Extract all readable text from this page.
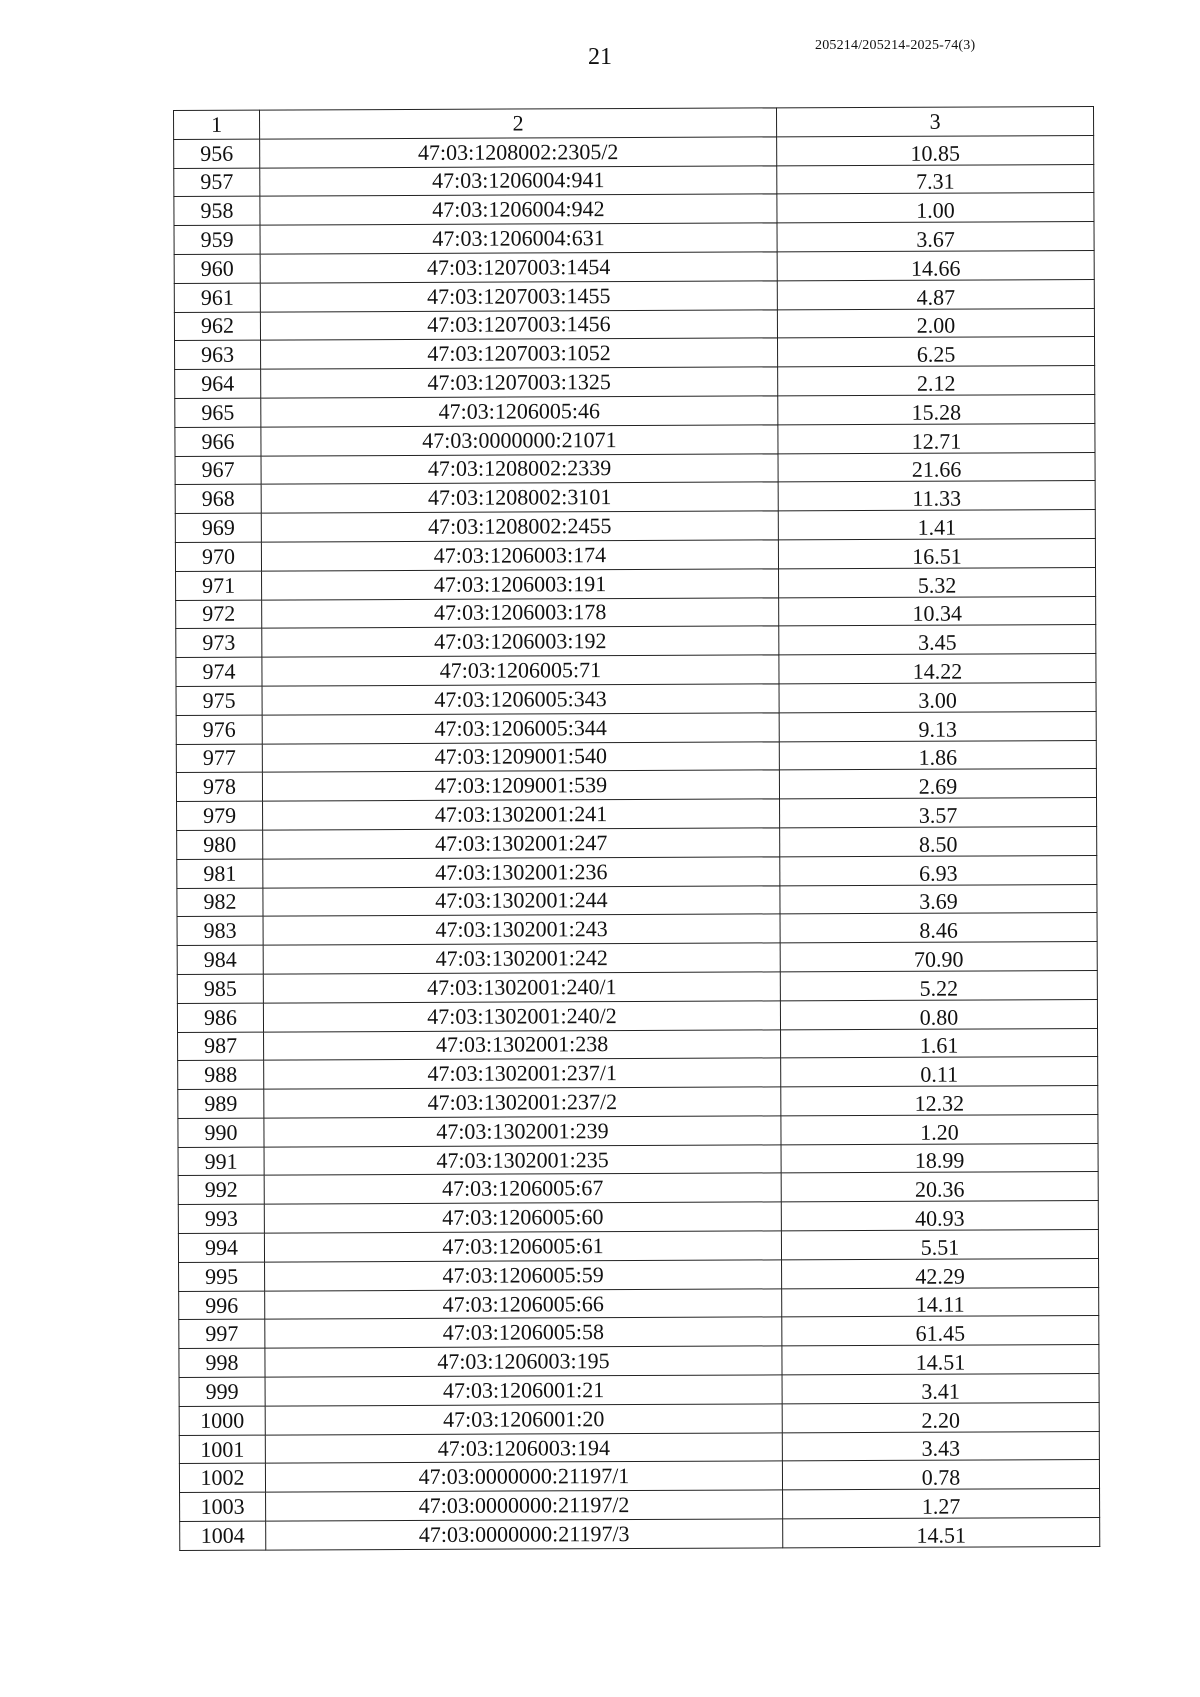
21	205214/205214-2025-74(3)
1	2	3
956	47:03:1208002:2305/2	10.85
957	47:03:1206004:941	7.31
958	47:03:1206004:942	1.00
959	47:03:1206004:631	3.67
960	47:03:1207003:1454	14.66
961	47:03:1207003:1455	4.87
962	47:03:1207003:1456	2.00
963	47:03:1207003:1052	6.25
964	47:03:1207003:1325	2.12
965	47:03:1206005:46	15.28
966	47:03:0000000:21071	12.71
967	47:03:1208002:2339	21.66
968	47:03:1208002:3101	11.33
969	47:03:1208002:2455	1.41
970	47:03:1206003:174	16.51
971	47:03:1206003:191	5.32
972	47:03:1206003:178	10.34
973	47:03:1206003:192	3.45
974	47:03:1206005:71	14.22
975	47:03:1206005:343	3.00
976	47:03:1206005:344	9.13
977	47:03:1209001:540	1.86
978	47:03:1209001:539	2.69
979	47:03:1302001:241	3.57
980	47:03:1302001:247	8.50
981	47:03:1302001:236	6.93
982	47:03:1302001:244	3.69
983	47:03:1302001:243	8.46
984	47:03:1302001:242	70.90
985	47:03:1302001:240/1	5.22
986	47:03:1302001:240/2	0.80
987	47:03:1302001:238	1.61
988	47:03:1302001:237/1	0.11
989	47:03:1302001:237/2	12.32
990	47:03:1302001:239	1.20
991	47:03:1302001:235	18.99
992	47:03:1206005:67	20.36
993	47:03:1206005:60	40.93
994	47:03:1206005:61	5.51
995	47:03:1206005:59	42.29
996	47:03:1206005:66	14.11
997	47:03:1206005:58	61.45
998	47:03:1206003:195	14.51
999	47:03:1206001:21	3.41
1000	47:03:1206001:20	2.20
1001	47:03:1206003:194	3.43
1002	47:03:0000000:21197/1	0.78
1003	47:03:0000000:21197/2	1.27
1004	47:03:0000000:21197/3	14.51
